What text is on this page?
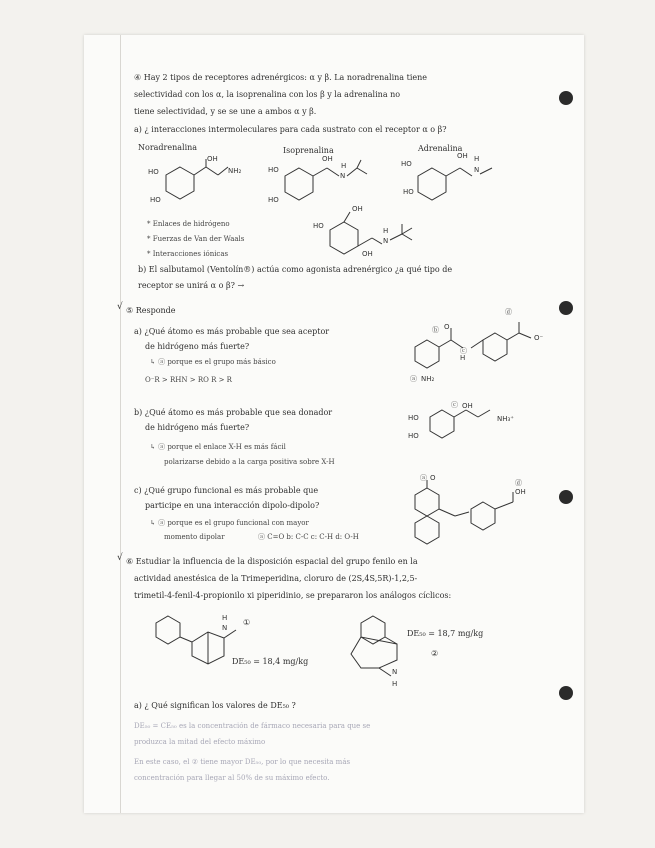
④ Hay 2 tipos de receptores adrenérgicos: α y β. La noradrenalina tiene
selectividad con los α, la isoprenalina con los β y la adrenalina no
tiene selectividad, y se se une a ambos α y β.
a) ¿ interacciones intermoleculares para cada sustrato con el receptor α o β?
Noradrenalina	Isoprenalina	Adrenalina
HO
HO
OH
NH₂	HO
HO
OH
N
H	HO
HO
OH
N
H
* Enlaces de hidrógeno
* Fuerzas de Van der Waals
* Interacciones iónicas
OH
HO
N
H
OH
b) El salbutamol (Ventolín®) actúa como agonista adrenérgico ¿a qué tipo de
receptor se unirá α o β? →
√ ⑤ Responde
a) ¿Qué átomo es más probable que sea aceptor
de hidrógeno más fuerte?
↳ ⓐ porque es el grupo más básico
O⁻R > RHN > RO R > R
ⓑ O
ⓒ
H
ⓓ
O⁻
ⓐ NH₂
b) ¿Qué átomo es más probable que sea donador
de hidrógeno más fuerte?
↳ ⓐ porque el enlace X-H es más fácil
polarizarse debido a la carga positiva sobre X-H
ⓒ OH
HO
HO
NH₃⁺
c) ¿Qué grupo funcional es más probable que
participe en una interacción dipolo-dipolo?
↳ ⓐ porque es el grupo funcional con mayor
momento dipolar	ⓐ C=O b: C-C c: C-H d: O-H
ⓐ O
ⓓ
OH
√ ⑥ Estudiar la influencia de la disposición espacial del grupo fenilo en la
actividad anestésica de la Trimeperidina, cloruro de (2S,4S,5R)-1,2,5-
trimetil-4-fenil-4-propionilo xi piperidinio, se prepararon los análogos cíclicos:
N
H ①
DE₅₀ = 18,4 mg/kg
N
H
DE₅₀ = 18,7 mg/kg
②
a) ¿ Qué significan los valores de DE₅₀ ?
DE₅₀ = CE₅₀ es la concentración de fármaco necesaria para que se
produzca la mitad del efecto máximo
En este caso, el ② tiene mayor DE₅₀, por lo que necesita más
concentración para llegar al 50% de su máximo efecto.
